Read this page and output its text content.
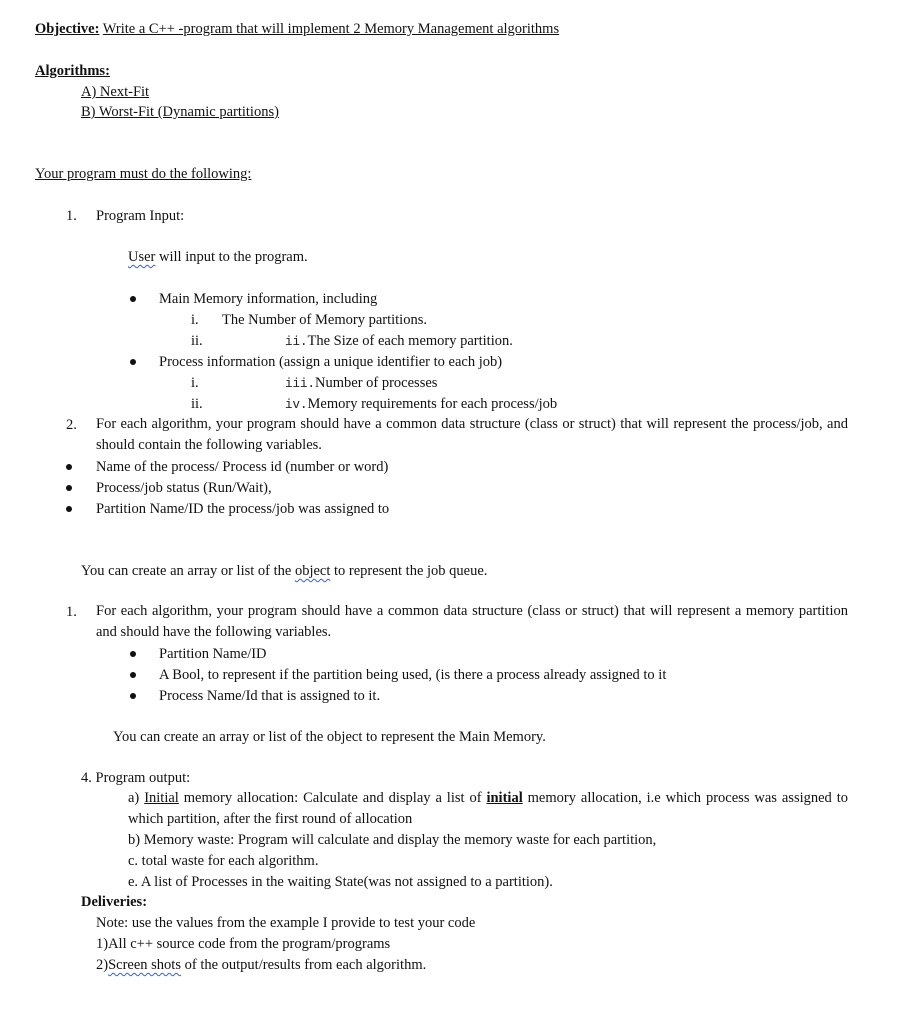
Objective: Write a C++ -program that will implement 2 Memory Management algorithms
Algorithms:
A) Next-Fit
B) Worst-Fit (Dynamic partitions)
Your program must do the following:
1. Program Input:
User will input to the program.
Main Memory information, including
i. The Number of Memory partitions.
ii.	ii.The Size of each memory partition.
Process information (assign a unique identifier to each job)
i.	iii.Number of processes
ii.	iv.Memory requirements for each process/job
2. For each algorithm, your program should have a common data structure (class or struct) that will represent the process/job, and should contain the following variables.
Name of the process/ Process id (number or word)
Process/job status (Run/Wait),
Partition Name/ID the process/job was assigned to
You can create an array or list of the object to represent the job queue.
1. For each algorithm, your program should have a common data structure (class or struct) that will represent a memory partition and should have the following variables.
Partition Name/ID
A Bool, to represent if the partition being used, (is there a process already assigned to it
Process Name/Id that is assigned to it.
You can create an array or list of the object to represent the Main Memory.
4. Program output:
a) Initial memory allocation: Calculate and display a list of initial memory allocation, i.e which process was assigned to which partition, after the first round of allocation
b) Memory waste: Program will calculate and display the memory waste for each partition,
c. total waste for each algorithm.
e. A list of Processes in the waiting State(was not assigned to a partition).
Deliveries:
Note: use the values from the example I provide to test your code
1)All c++ source code from the program/programs
2)Screen shots of the output/results from each algorithm.
